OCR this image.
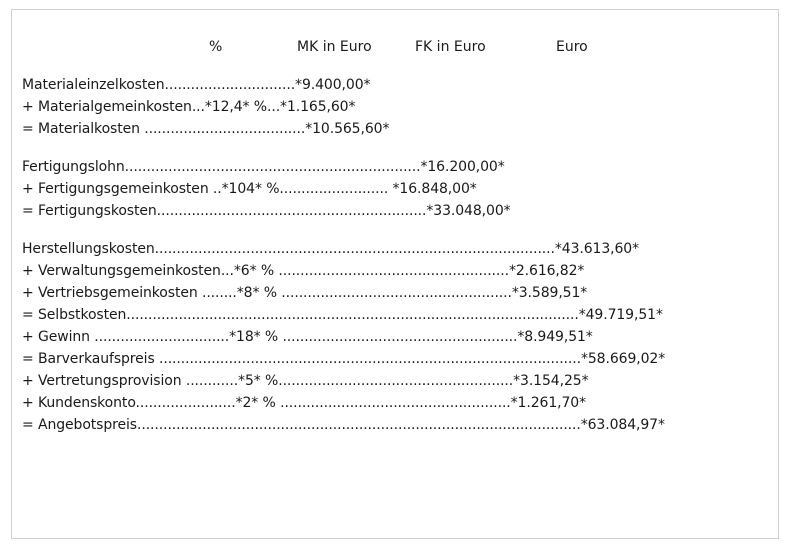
%	MK in Euro	FK in Euro	Euro
Materialeinzelkosten..............................*9.400,00*
+ Materialgemeinkosten...*12,4* %...*1.165,60*
= Materialkosten .....................................*10.565,60*
Fertigungslohn....................................................................*16.200,00*
+ Fertigungsgemeinkosten ..*104* %......................... *16.848,00*
= Fertigungskosten..............................................................*33.048,00*
Herstellungskosten............................................................................................*43.613,60*
+ Verwaltungsgemeinkosten...*6* % .....................................................*2.616,82*
+ Vertriebsgemeinkosten ........*8* % .....................................................*3.589,51*
= Selbstkosten........................................................................................................*49.719,51*
+ Gewinn ...............................*18* % ......................................................*8.949,51*
= Barverkaufspreis .................................................................................................*58.669,02*
+ Vertretungsprovision ............*5* %......................................................*3.154,25*
+ Kundenskonto.......................*2* % .....................................................*1.261,70*
= Angebotspreis......................................................................................................*63.084,97*
